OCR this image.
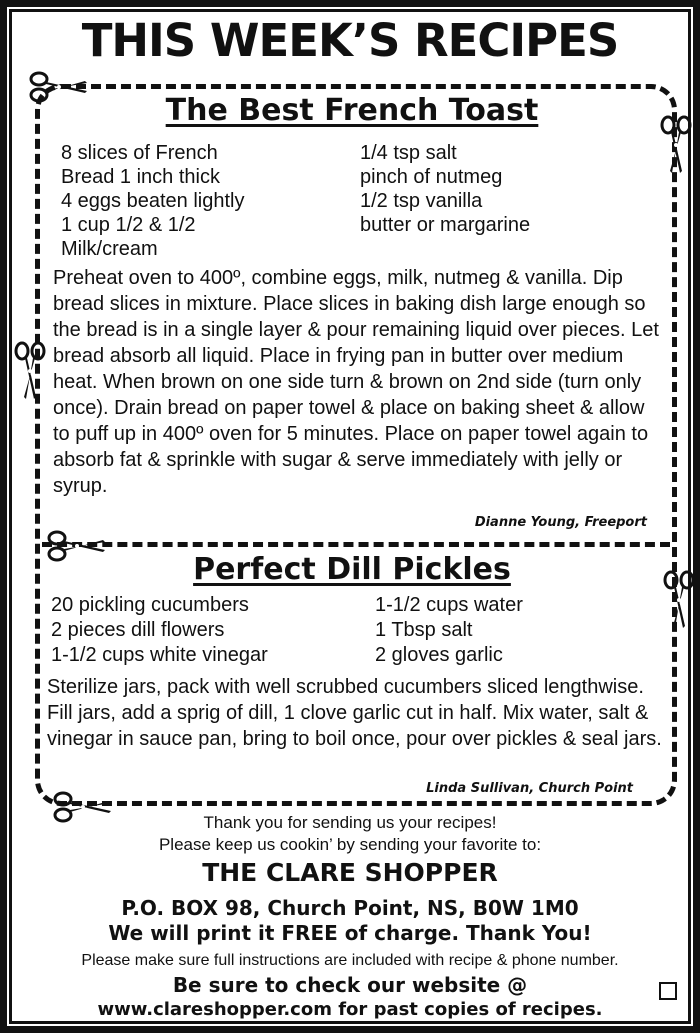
THIS WEEK’S RECIPES
The Best French Toast
8 slices of French
Bread 1 inch thick
4 eggs beaten lightly
1 cup 1/2 & 1/2
Milk/cream
1/4 tsp salt
pinch of nutmeg
1/2 tsp vanilla
butter or margarine

Preheat oven to 400º, combine eggs, milk, nutmeg & vanilla. Dip bread slices in mixture. Place slices in baking dish large enough so the bread is in a single layer & pour remaining liquid over pieces. Let bread absorb all liquid. Place in frying pan in butter over medium heat. When brown on one side turn & brown on 2nd side (turn only once). Drain bread on paper towel & place on baking sheet & allow to puff up in 400º oven for 5 minutes. Place on paper towel again to absorb fat & sprinkle with sugar & serve immediately with jelly or syrup.

Dianne Young, Freeport
Perfect Dill Pickles
20 pickling cucumbers
2 pieces dill flowers
1-1/2 cups white vinegar
1-1/2 cups water
1 Tbsp salt
2 gloves garlic

Sterilize jars, pack with well scrubbed cucumbers sliced lengthwise. Fill jars, add a sprig of dill, 1 clove garlic cut in half. Mix water, salt & vinegar in sauce pan, bring to boil once, pour over pickles & seal jars.

Linda Sullivan, Church Point
Thank you for sending us your recipes!
Please keep us cookin’ by sending your favorite to:
THE CLARE SHOPPER
P.O. BOX 98, Church Point, NS, B0W 1M0
We will print it FREE of charge. Thank You!
Please make sure full instructions are included with recipe & phone number.
Be sure to check our website @
www.clareshopper.com for past copies of recipes.
